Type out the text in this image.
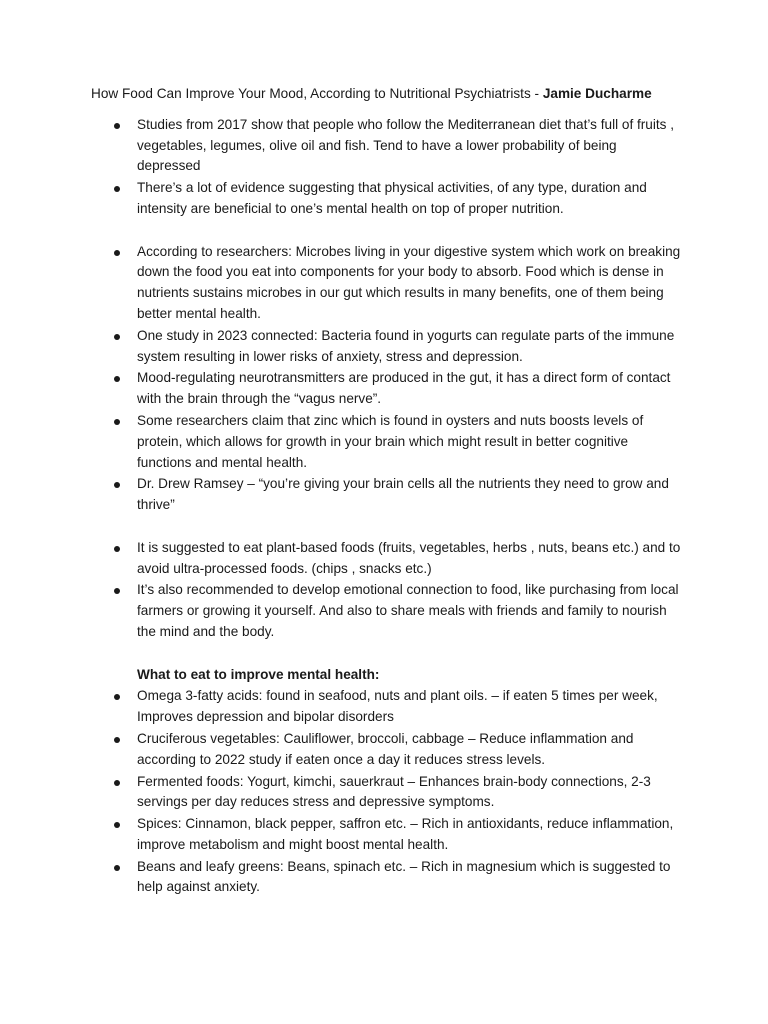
How Food Can Improve Your Mood, According to Nutritional Psychiatrists - Jamie Ducharme

Studies from 2017 show that people who follow the Mediterranean diet that’s full of fruits , vegetables, legumes, olive oil and fish. Tend to have a lower probability of being depressed
There’s a lot of evidence suggesting that physical activities, of any type, duration and intensity are beneficial to one’s mental health on top of proper nutrition.
According to researchers: Microbes living in your digestive system which work on breaking down the food you eat into components for your body to absorb. Food which is dense in nutrients sustains microbes in our gut which results in many benefits, one of them being better mental health.
One study in 2023 connected: Bacteria found in yogurts can regulate parts of the immune system resulting in lower risks of anxiety, stress and depression.
Mood-regulating neurotransmitters are produced in the gut, it has a direct form of contact with the brain through the “vagus nerve”.
Some researchers claim that zinc which is found in oysters and nuts boosts levels of protein, which allows for growth in your brain which might result in better cognitive functions and mental health.
Dr. Drew Ramsey – “you’re giving your brain cells all the nutrients they need to grow and thrive”
It is suggested to eat plant-based foods (fruits, vegetables, herbs , nuts, beans etc.) and to avoid ultra-processed foods. (chips , snacks etc.)
It’s also recommended to develop emotional connection to food, like purchasing from local farmers or growing it yourself. And also to share meals with friends and family to nourish the mind and the body.
What to eat to improve mental health:
Omega 3-fatty acids: found in seafood, nuts and plant oils. – if eaten 5 times per week, Improves depression and bipolar disorders
Cruciferous vegetables: Cauliflower, broccoli, cabbage – Reduce inflammation and according to 2022 study if eaten once a day it reduces stress levels.
Fermented foods: Yogurt, kimchi, sauerkraut – Enhances brain-body connections, 2-3 servings per day reduces stress and depressive symptoms.
Spices: Cinnamon, black pepper, saffron etc. – Rich in antioxidants, reduce inflammation, improve metabolism and might boost mental health.
Beans and leafy greens: Beans, spinach etc. – Rich in magnesium which is suggested to help against anxiety.
